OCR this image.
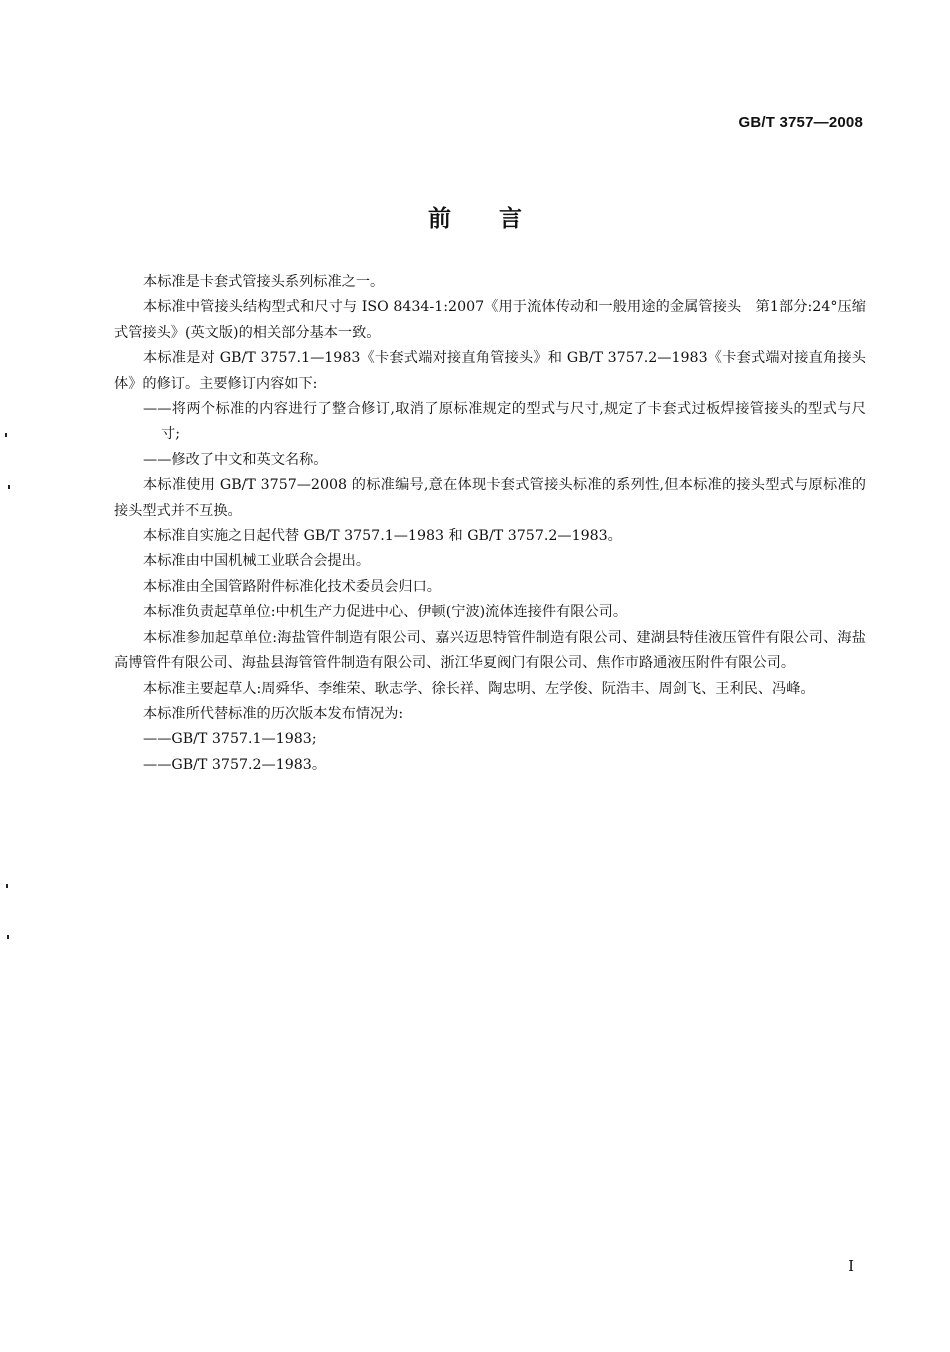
GB/T 3757—2008
前言

本标准是卡套式管接头系列标准之一。

本标准中管接头结构型式和尺寸与 ISO 8434-1:2007《用于流体传动和一般用途的金属管接头　第1部分:24°压缩式管接头》(英文版)的相关部分基本一致。

本标准是对 GB/T 3757.1—1983《卡套式端对接直角管接头》和 GB/T 3757.2—1983《卡套式端对接直角接头体》的修订。主要修订内容如下:

——将两个标准的内容进行了整合修订,取消了原标准规定的型式与尺寸,规定了卡套式过板焊接管接头的型式与尺寸;

——修改了中文和英文名称。

本标准使用 GB/T 3757—2008 的标准编号,意在体现卡套式管接头标准的系列性,但本标准的接头型式与原标准的接头型式并不互换。

本标准自实施之日起代替 GB/T 3757.1—1983 和 GB/T 3757.2—1983。

本标准由中国机械工业联合会提出。

本标准由全国管路附件标准化技术委员会归口。

本标准负责起草单位:中机生产力促进中心、伊顿(宁波)流体连接件有限公司。

本标准参加起草单位:海盐管件制造有限公司、嘉兴迈思特管件制造有限公司、建湖县特佳液压管件有限公司、海盐高博管件有限公司、海盐县海管管件制造有限公司、浙江华夏阀门有限公司、焦作市路通液压附件有限公司。

本标准主要起草人:周舜华、李维荣、耿志学、徐长祥、陶忠明、左学俊、阮浩丰、周剑飞、王利民、冯峰。

本标准所代替标准的历次版本发布情况为:

——GB/T 3757.1—1983;

——GB/T 3757.2—1983。

I
